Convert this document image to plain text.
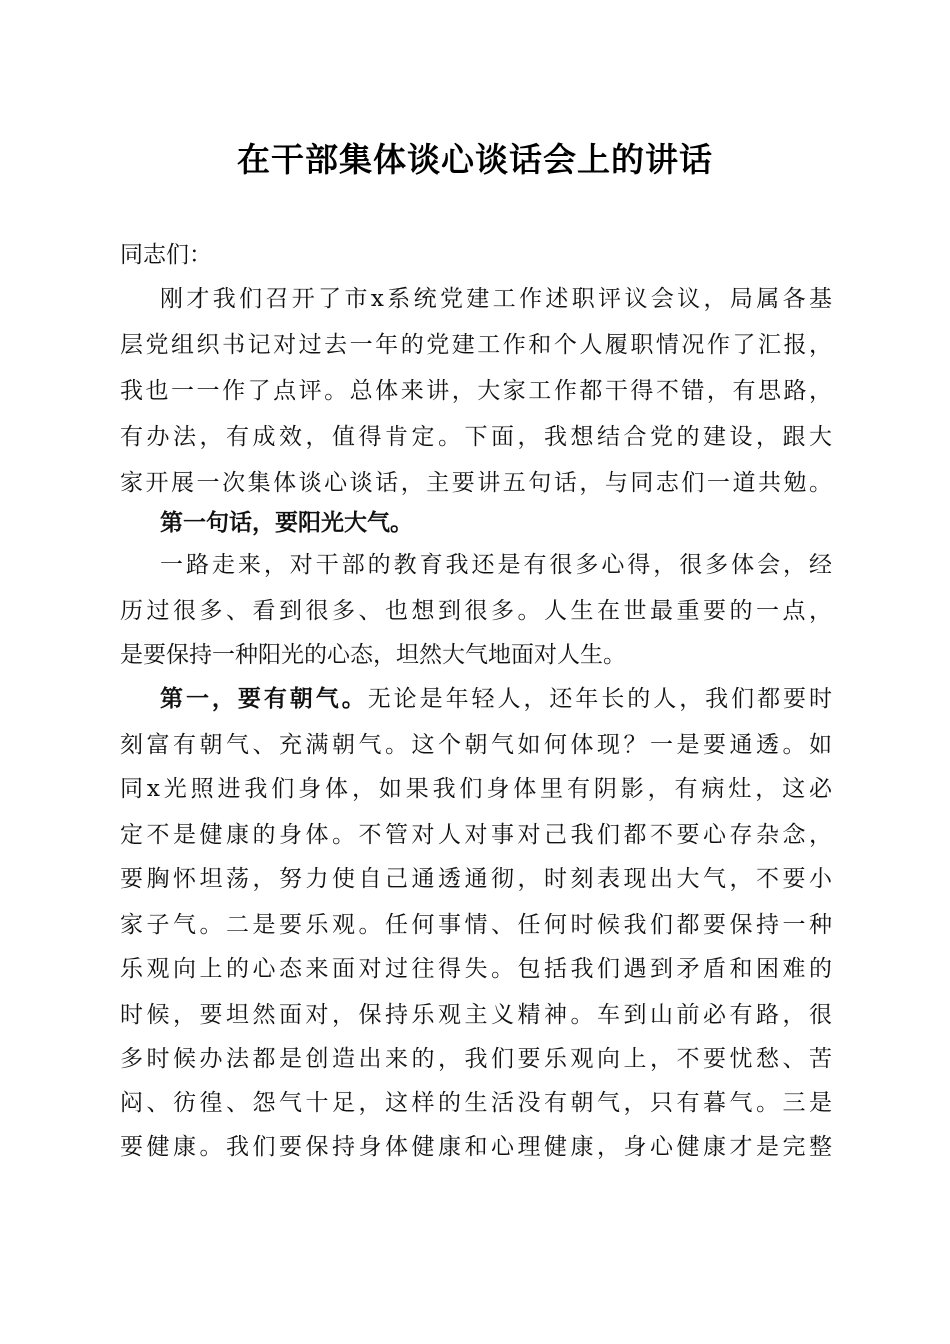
在干部集体谈心谈话会上的讲话
同志们：
刚才我们召开了市x系统党建工作述职评议会议，局属各基
层党组织书记对过去一年的党建工作和个人履职情况作了汇报，
我也一一作了点评。总体来讲，大家工作都干得不错，有思路，
有办法，有成效，值得肯定。下面，我想结合党的建设，跟大
家开展一次集体谈心谈话，主要讲五句话，与同志们一道共勉。
第一句话，要阳光大气。
一路走来，对干部的教育我还是有很多心得，很多体会，经
历过很多、看到很多、也想到很多。人生在世最重要的一点，
是要保持一种阳光的心态，坦然大气地面对人生。
第一，要有朝气。无论是年轻人，还年长的人，我们都要时
刻富有朝气、充满朝气。这个朝气如何体现？一是要通透。如
同x光照进我们身体，如果我们身体里有阴影，有病灶，这必
定不是健康的身体。不管对人对事对己我们都不要心存杂念，
要胸怀坦荡，努力使自己通透通彻，时刻表现出大气，不要小
家子气。二是要乐观。任何事情、任何时候我们都要保持一种
乐观向上的心态来面对过往得失。包括我们遇到矛盾和困难的
时候，要坦然面对，保持乐观主义精神。车到山前必有路，很
多时候办法都是创造出来的，我们要乐观向上，不要忧愁、苦
闷、彷徨、怨气十足，这样的生活没有朝气，只有暮气。三是
要健康。我们要保持身体健康和心理健康，身心健康才是完整
